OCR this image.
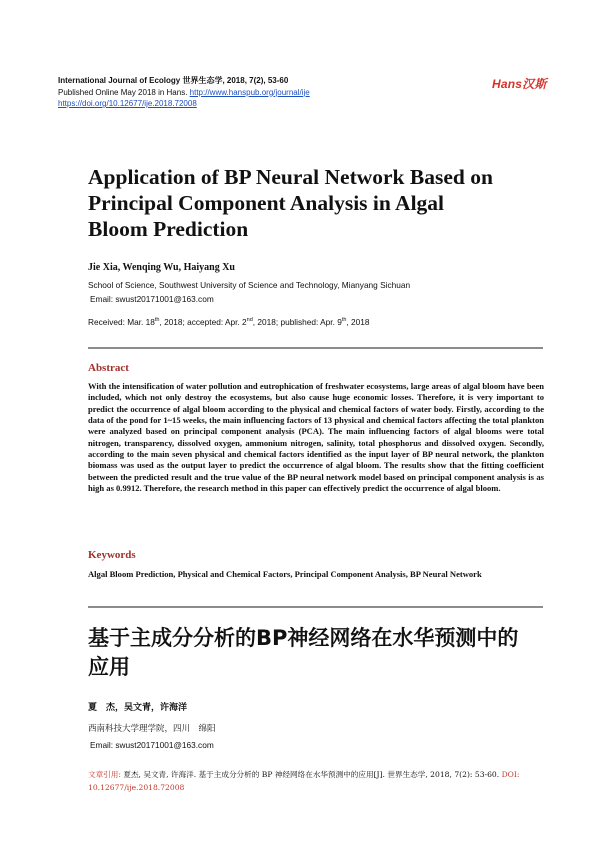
International Journal of Ecology 世界生态学, 2018, 7(2), 53-60
Published Online May 2018 in Hans. http://www.hanspub.org/journal/ije
https://doi.org/10.12677/ije.2018.72008
Hans汉斯
Application of BP Neural Network Based on
Principal Component Analysis in Algal
Bloom Prediction
Jie Xia, Wenqing Wu, Haiyang Xu
School of Science, Southwest University of Science and Technology, Mianyang Sichuan
Email: swust20171001@163.com
Received: Mar. 18th, 2018; accepted: Apr. 2nd, 2018; published: Apr. 9th, 2018
Abstract

With the intensification of water pollution and eutrophication of freshwater ecosystems, large areas of algal bloom have been included, which not only destroy the ecosystems, but also cause huge economic losses. Therefore, it is very important to predict the occurrence of algal bloom according to the physical and chemical factors of water body. Firstly, according to the data of the pond for 1~15 weeks, the main influencing factors of 13 physical and chemical factors affecting the total plankton were analyzed based on principal component analysis (PCA). The main influencing factors of algal blooms were total nitrogen, transparency, dissolved oxygen, ammonium nitrogen, salinity, total phosphorus and dissolved oxygen. Secondly, according to the main seven physical and chemical factors identified as the input layer of BP neural network, the plankton biomass was used as the output layer to predict the occurrence of algal bloom. The results show that the fitting coefficient between the predicted result and the true value of the BP neural network model based on principal component analysis is as high as 0.9912. Therefore, the research method in this paper can effectively predict the occurrence of algal bloom.

Keywords

Algal Bloom Prediction, Physical and Chemical Factors, Principal Component Analysis, BP Neural Network

基于主成分分析的BP神经网络在水华预测中的
应用
夏　杰，吴文青，许海洋
西南科技大学理学院，四川　绵阳
Email: swust20171001@163.com

文章引用: 夏杰, 吴文青, 许海洋. 基于主成分分析的 BP 神经网络在水华预测中的应用[J]. 世界生态学, 2018, 7(2): 53-60. DOI: 10.12677/ije.2018.72008
